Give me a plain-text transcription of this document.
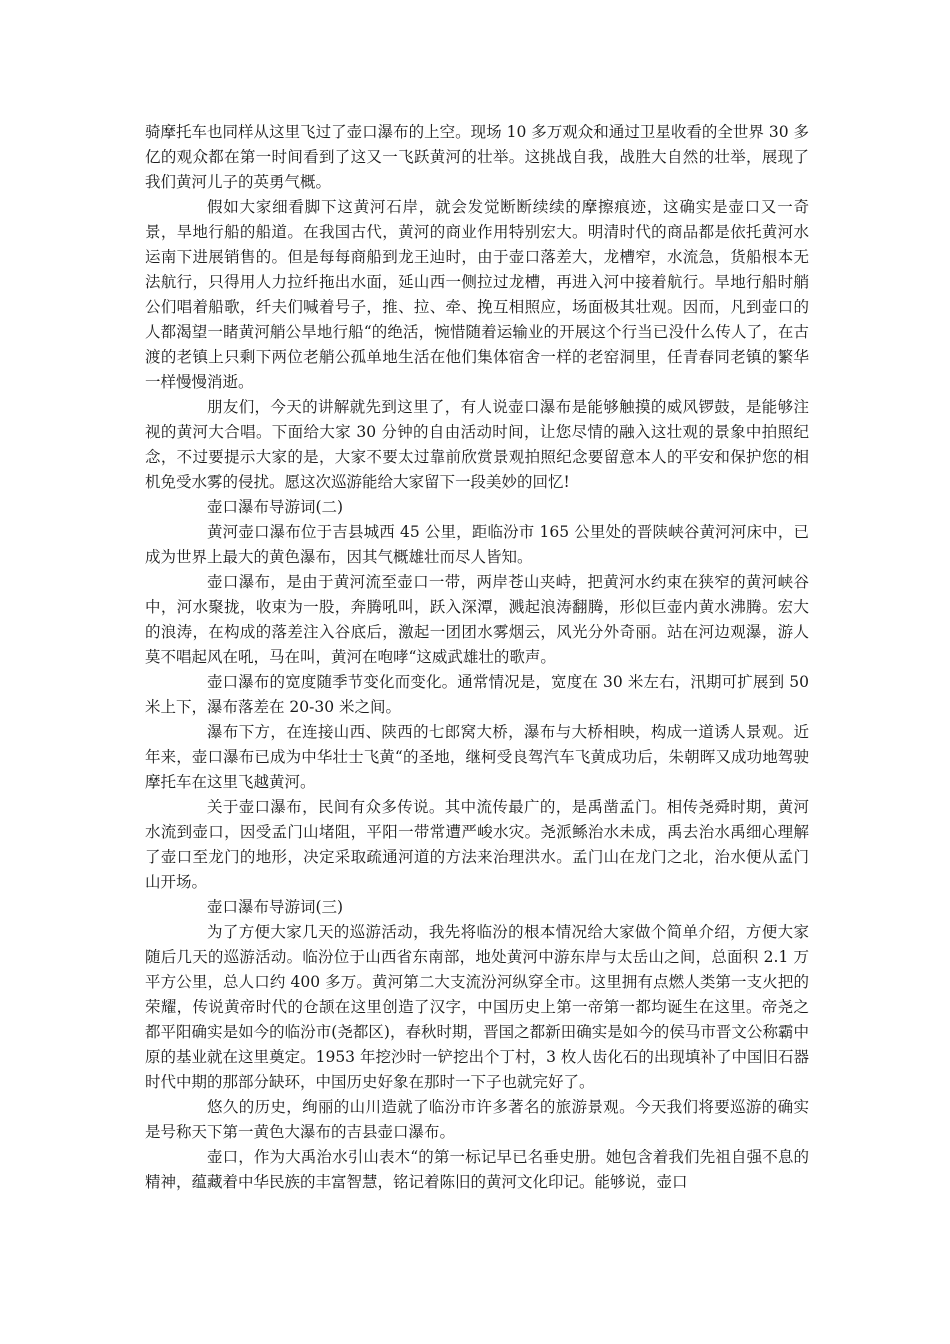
骑摩托车也同样从这里飞过了壶口瀑布的上空。现场 10 多万观众和通过卫星收看的全世界 30 多亿的观众都在第一时间看到了这又一飞跃黄河的壮举。这挑战自我，战胜大自然的壮举，展现了我们黄河儿子的英勇气概。

假如大家细看脚下这黄河石岸，就会发觉断断续续的摩擦痕迹，这确实是壶口又一奇景，旱地行船的船道。在我国古代，黄河的商业作用特别宏大。明清时代的商品都是依托黄河水运南下进展销售的。但是每每商船到龙王辿时，由于壶口落差大，龙槽窄，水流急，货船根本无法航行，只得用人力拉纤拖出水面，延山西一侧拉过龙槽，再进入河中接着航行。旱地行船时艄公们唱着船歌，纤夫们喊着号子，推、拉、牵、挽互相照应，场面极其壮观。因而，凡到壶口的人都渴望一睹黄河艄公旱地行船“的绝活，惋惜随着运输业的开展这个行当已没什么传人了，在古渡的老镇上只剩下两位老艄公孤单地生活在他们集体宿舍一样的老窑洞里，任青春同老镇的繁华一样慢慢消逝。

朋友们，今天的讲解就先到这里了，有人说壶口瀑布是能够触摸的威风锣鼓，是能够注视的黄河大合唱。下面给大家 30 分钟的自由活动时间，让您尽情的融入这壮观的景象中拍照纪念，不过要提示大家的是，大家不要太过靠前欣赏景观拍照纪念要留意本人的平安和保护您的相机免受水雾的侵扰。愿这次巡游能给大家留下一段美妙的回忆!

壶口瀑布导游词(二)

黄河壶口瀑布位于吉县城西 45 公里，距临汾市 165 公里处的晋陕峡谷黄河河床中，已成为世界上最大的黄色瀑布，因其气概雄壮而尽人皆知。

壶口瀑布，是由于黄河流至壶口一带，两岸苍山夹峙，把黄河水约束在狭窄的黄河峡谷中，河水聚拢，收束为一股，奔腾吼叫，跃入深潭，溅起浪涛翻腾，形似巨壶内黄水沸腾。宏大的浪涛，在构成的落差注入谷底后，激起一团团水雾烟云，风光分外奇丽。站在河边观瀑，游人莫不唱起风在吼，马在叫，黄河在咆哮“这威武雄壮的歌声。

壶口瀑布的宽度随季节变化而变化。通常情况是，宽度在 30 米左右，汛期可扩展到 50 米上下，瀑布落差在 20-30 米之间。

瀑布下方，在连接山西、陕西的七郎窝大桥，瀑布与大桥相映，构成一道诱人景观。近年来，壶口瀑布已成为中华壮士飞黄“的圣地，继柯受良驾汽车飞黄成功后，朱朝晖又成功地驾驶摩托车在这里飞越黄河。

关于壶口瀑布，民间有众多传说。其中流传最广的，是禹凿孟门。相传尧舜时期，黄河水流到壶口，因受孟门山堵阻，平阳一带常遭严峻水灾。尧派鲧治水未成，禹去治水禹细心理解了壶口至龙门的地形，决定采取疏通河道的方法来治理洪水。孟门山在龙门之北，治水便从孟门山开场。

壶口瀑布导游词(三)

为了方便大家几天的巡游活动，我先将临汾的根本情况给大家做个简单介绍，方便大家随后几天的巡游活动。临汾位于山西省东南部，地处黄河中游东岸与太岳山之间，总面积 2.1 万平方公里，总人口约 400 多万。黄河第二大支流汾河纵穿全市。这里拥有点燃人类第一支火把的荣耀，传说黄帝时代的仓颉在这里创造了汉字，中国历史上第一帝第一都均诞生在这里。帝尧之都平阳确实是如今的临汾市(尧都区)，春秋时期，晋国之都新田确实是如今的侯马市晋文公称霸中原的基业就在这里奠定。1953 年挖沙时一铲挖出个丁村，3 枚人齿化石的出现填补了中国旧石器时代中期的那部分缺环，中国历史好象在那时一下子也就完好了。

悠久的历史，绚丽的山川造就了临汾市许多著名的旅游景观。今天我们将要巡游的确实是号称天下第一黄色大瀑布的吉县壶口瀑布。

壶口，作为大禹治水引山表木“的第一标记早已名垂史册。她包含着我们先祖自强不息的精神，蕴藏着中华民族的丰富智慧，铭记着陈旧的黄河文化印记。能够说，壶口
